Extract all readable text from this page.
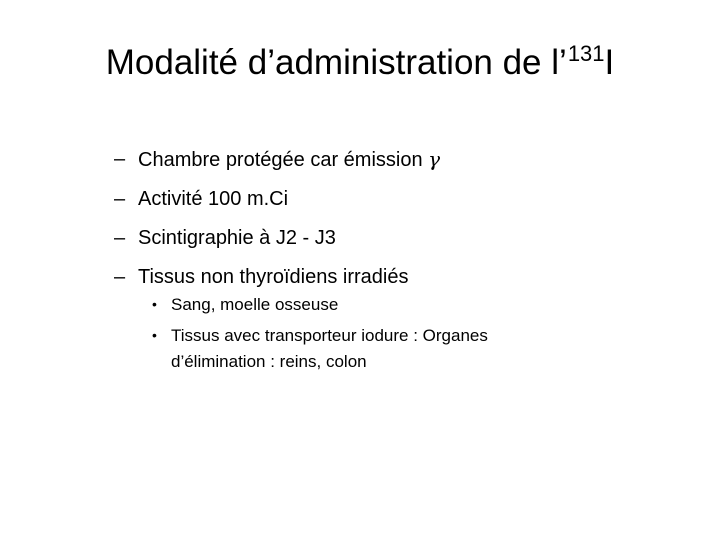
Modalité d’administration de l’$^{131}$I
– Chambre protégée car émission γ
– Activité 100 m.Ci
– Scintigraphie à J2 - J3
– Tissus non thyroïdiens irradiés
• Sang, moelle osseuse
• Tissus avec transporteur iodure : Organes d’élimination : reins, colon
